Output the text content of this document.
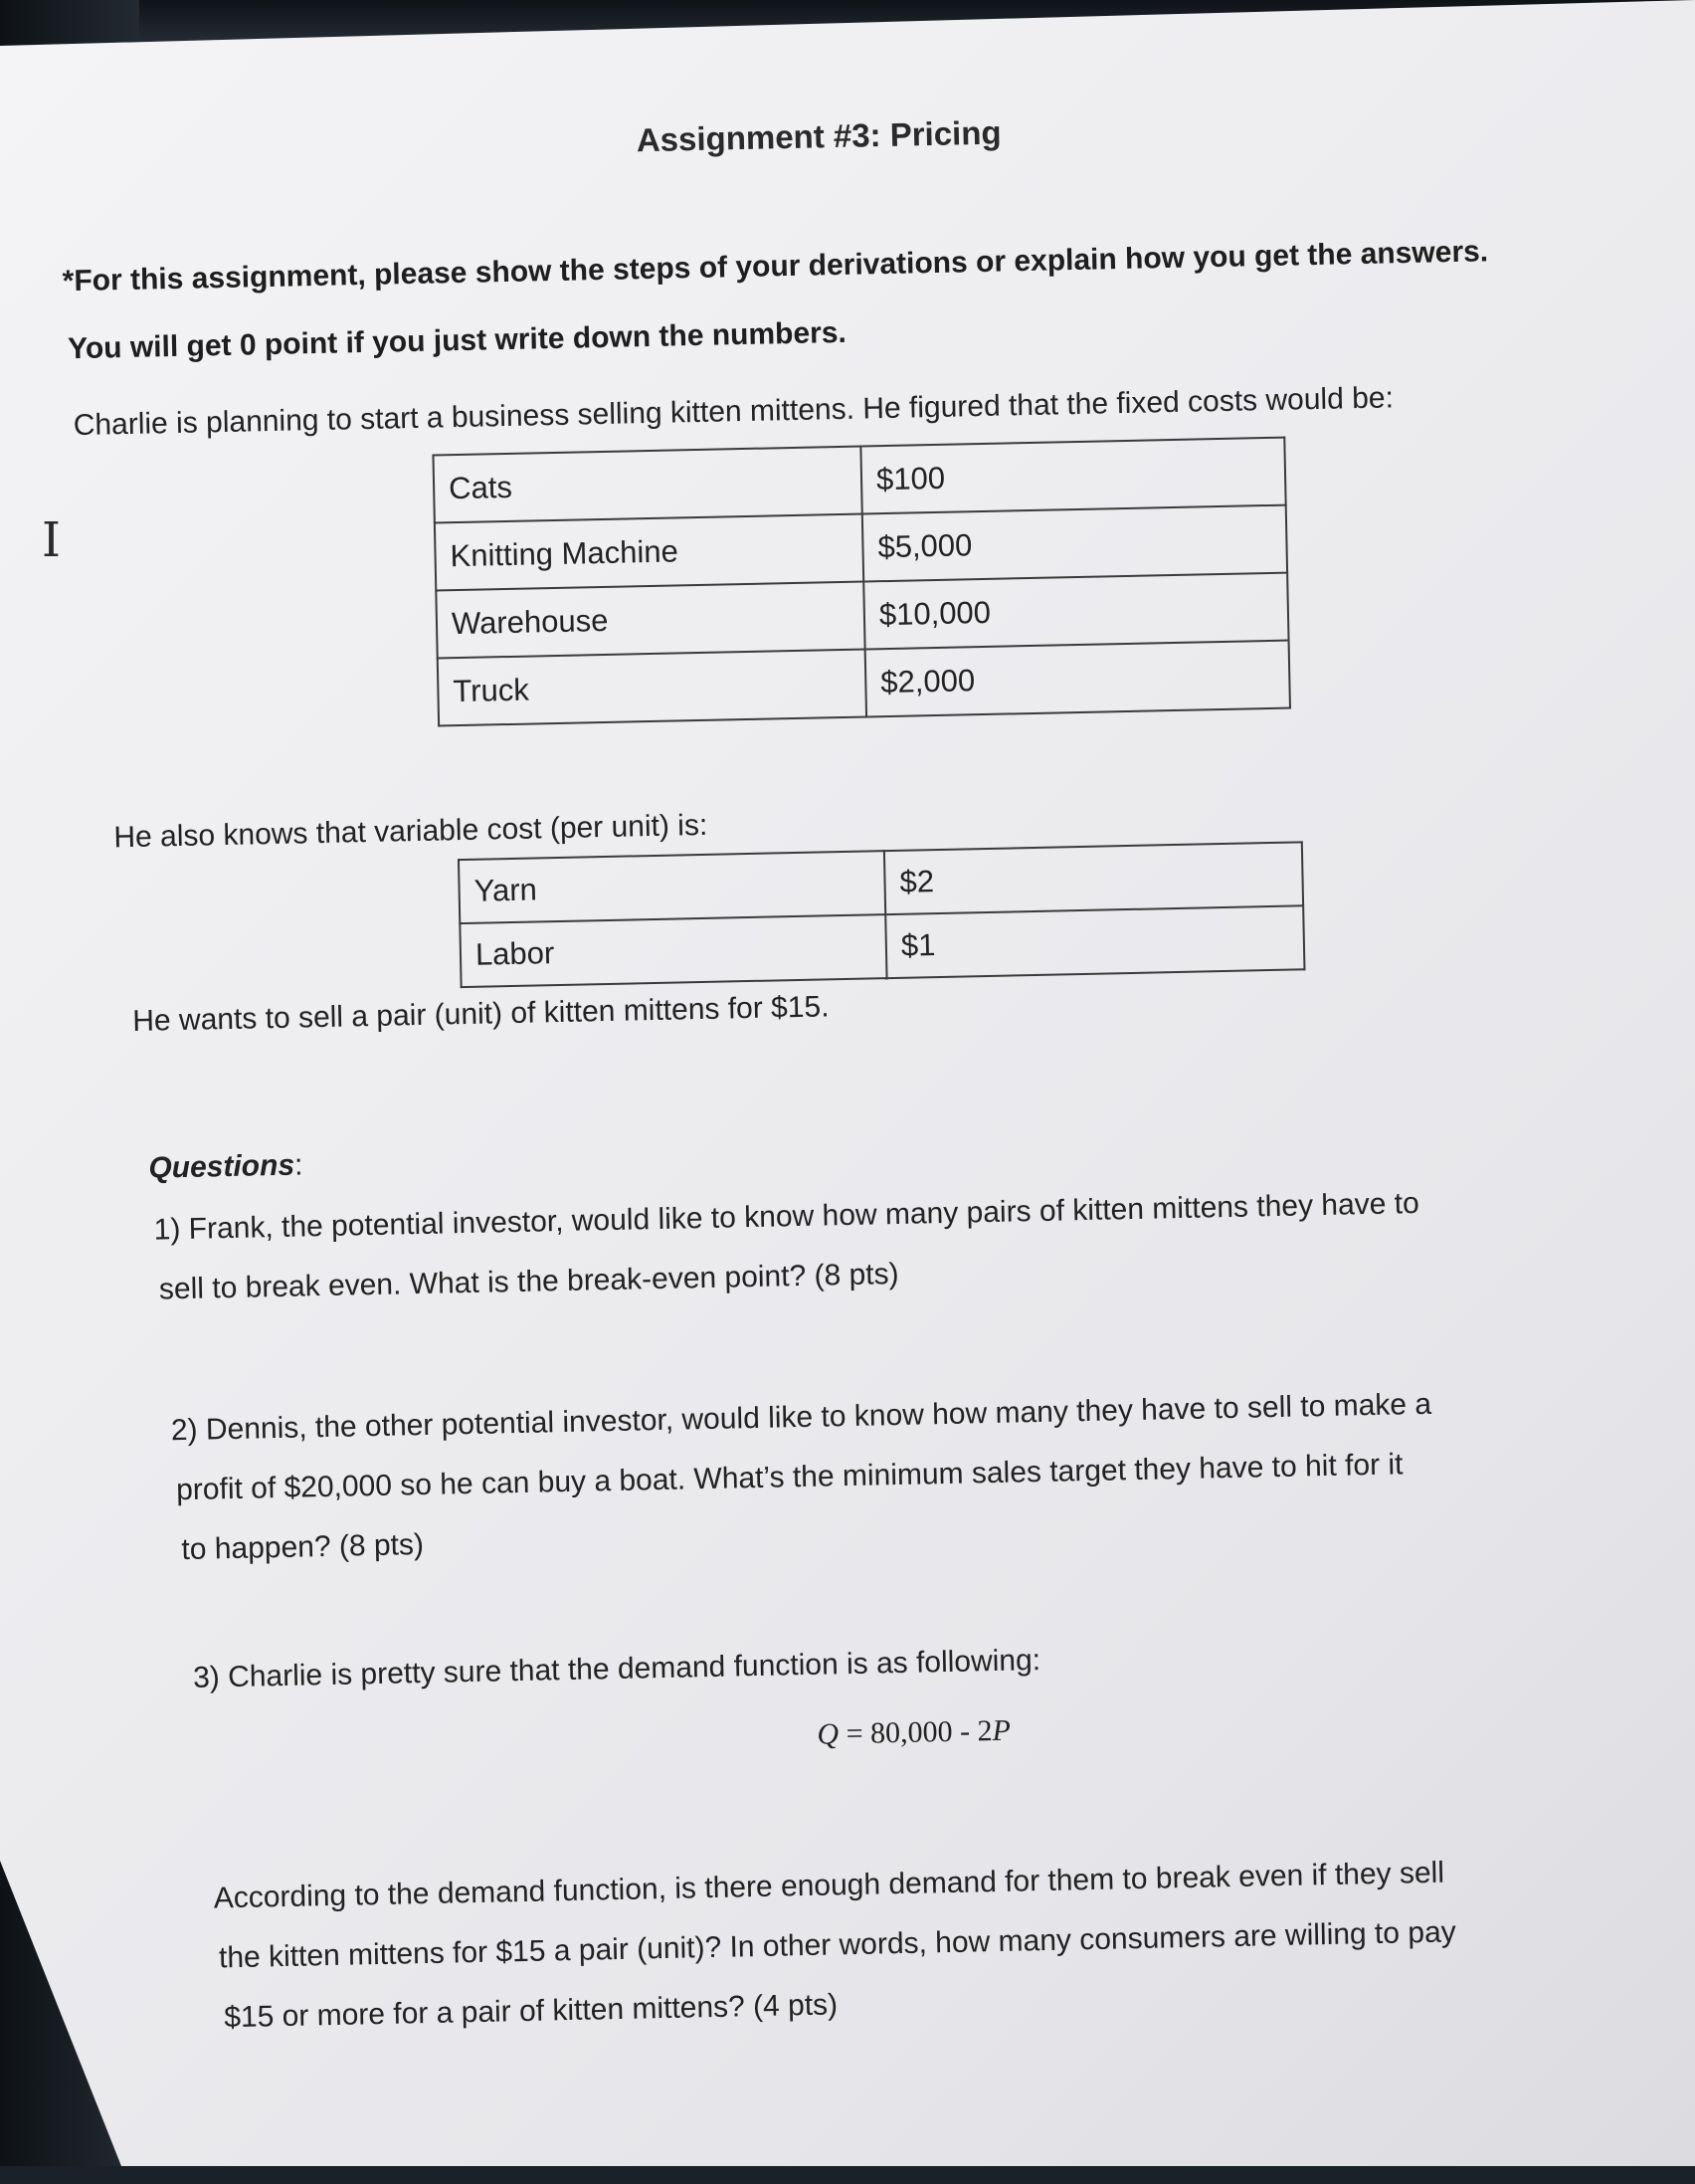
Assignment #3: Pricing
*For this assignment, please show the steps of your derivations or explain how you get the answers.
You will get 0 point if you just write down the numbers.
Charlie is planning to start a business selling kitten mittens. He figured that the fixed costs would be:
Cats	$100
Knitting Machine	$5,000
Warehouse	$10,000
Truck	$2,000
He also knows that variable cost (per unit) is:
Yarn	$2
Labor	$1
He wants to sell a pair (unit) of kitten mittens for $15.
Questions:
1) Frank, the potential investor, would like to know how many pairs of kitten mittens they have to
sell to break even. What is the break-even point? (8 pts)
2) Dennis, the other potential investor, would like to know how many they have to sell to make a
profit of $20,000 so he can buy a boat. What’s the minimum sales target they have to hit for it
to happen? (8 pts)
3) Charlie is pretty sure that the demand function is as following:
Q = 80,000 - 2P
According to the demand function, is there enough demand for them to break even if they sell
the kitten mittens for $15 a pair (unit)? In other words, how many consumers are willing to pay
$15 or more for a pair of kitten mittens? (4 pts)
I
